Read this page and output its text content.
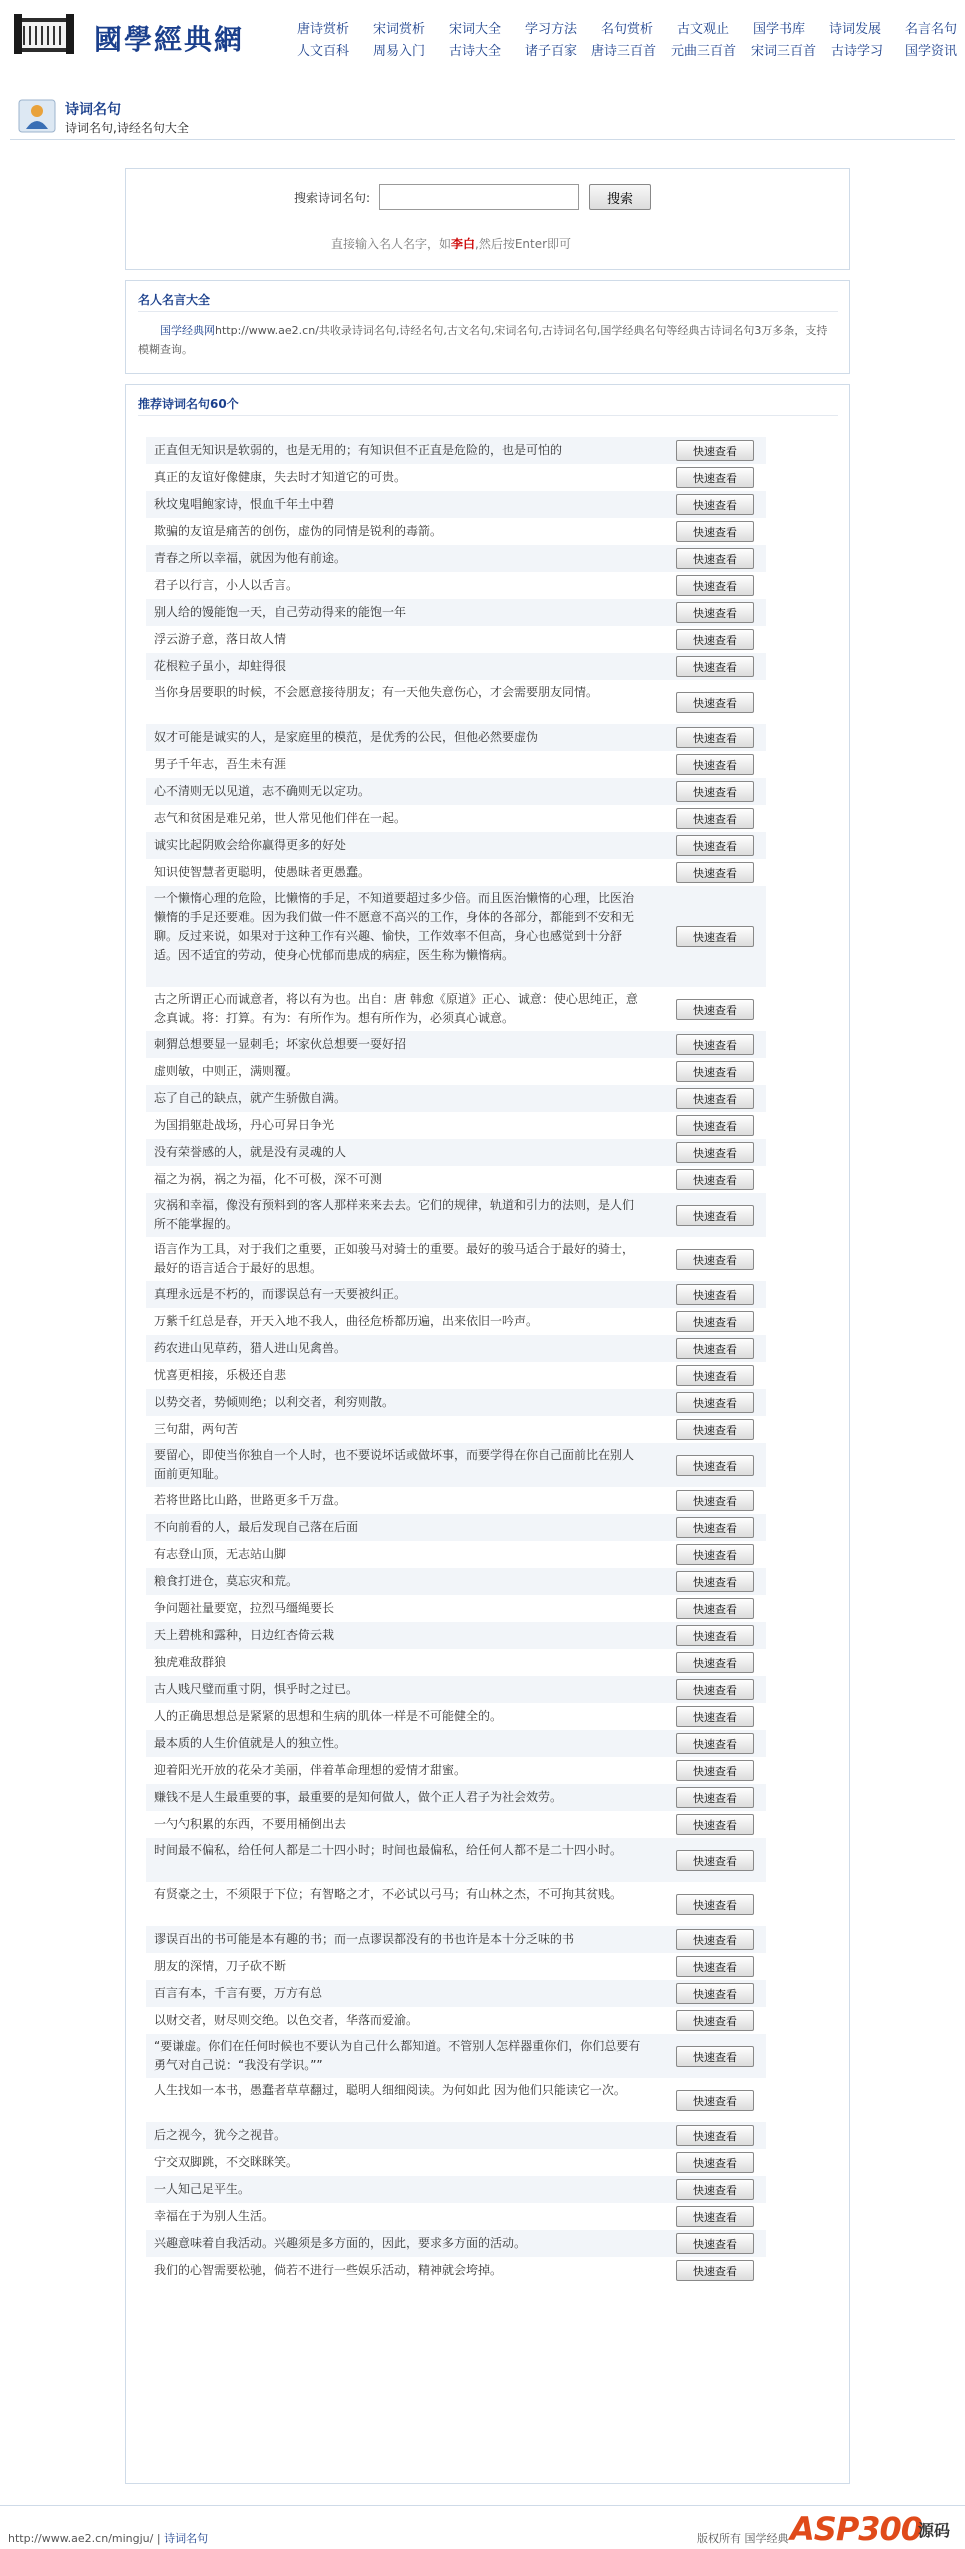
國學經典網	唐诗赏析 宋词赏析 宋词大全 学习方法 名句赏析 古文观止 国学书库 诗词发展 名言名句
人文百科 周易入门 古诗大全 诸子百家 唐诗三百首 元曲三百首 宋词三百首 古诗学习 国学资讯
诗词名句
诗词名句,诗经名句大全
搜索诗词名句:	搜索
直接输入名人名字，如李白,然后按Enter即可
名人名言大全
国学经典网http://www.ae2.cn/共收录诗词名句,诗经名句,古文名句,宋词名句,古诗词名句,国学经典名句等经典古诗词名句3万多条，支持模糊查询。
推荐诗词名句60个
正直但无知识是软弱的，也是无用的；有知识但不正直是危险的，也是可怕的	快速查看
真正的友谊好像健康，失去时才知道它的可贵。	快速查看
秋坟鬼唱鲍家诗，恨血千年土中碧	快速查看
欺骗的友谊是痛苦的创伤，虚伪的同情是锐利的毒箭。	快速查看
青春之所以幸福，就因为他有前途。	快速查看
君子以行言，小人以舌言。	快速查看
别人给的馒能饱一天，自己劳动得来的能饱一年	快速查看
浮云游子意，落日故人情	快速查看
花根粒子虽小，却蛀得很	快速查看
当你身居要职的时候，不会愿意接待朋友；有一天他失意伤心，才会需要朋友同情。
快速查看
奴才可能是诚实的人，是家庭里的模范，是优秀的公民，但他必然要虚伪	快速查看
男子千年志，吾生未有涯	快速查看
心不清则无以见道，志不确则无以定功。	快速查看
志气和贫困是难兄弟，世人常见他们伴在一起。	快速查看
诚实比起阴败会给你赢得更多的好处	快速查看
知识使智慧者更聪明，使愚昧者更愚蠢。	快速查看
一个懒惰心理的危险，比懒惰的手足，不知道要超过多少倍。而且医治懒惰的心理，比医治懒惰的手足还要难。因为我们做一件不愿意不高兴的工作，身体的各部分，都能到不安和无聊。反过来说，如果对于这种工作有兴趣、愉快，工作效率不但高，身心也感觉到十分舒适。因不适宜的劳动，使身心忧郁而患成的病症，医生称为懒惰病。
快速查看
古之所谓正心而诚意者，将以有为也。出自：唐 韩愈《原道》正心、诚意：使心思纯正，意念真诚。将：打算。有为：有所作为。想有所作为，必须真心诚意。
快速查看
刺猬总想要显一显刺毛；坏家伙总想要一耍好招	快速查看
虚则敏，中则正，满则覆。	快速查看
忘了自己的缺点，就产生骄傲自满。	快速查看
为国捐躯赴战场，丹心可昇日争光	快速查看
没有荣誉感的人，就是没有灵魂的人	快速查看
福之为祸，祸之为福，化不可极，深不可测	快速查看
灾祸和幸福，像没有预料到的客人那样来来去去。它们的规律，轨道和引力的法则，是人们所不能掌握的。
快速查看
语言作为工具，对于我们之重要，正如骏马对骑士的重要。最好的骏马适合于最好的骑士，最好的语言适合于最好的思想。
快速查看
真理永远是不朽的，而谬误总有一天要被纠正。	快速查看
万紫千红总是春，开天入地不我人，曲径危桥都历遍，出来依旧一吟声。	快速查看
药农进山见草药，猎人进山见禽兽。	快速查看
忧喜更相接，乐极还自悲	快速查看
以势交者，势倾则绝；以利交者，利穷则散。	快速查看
三句甜，两句苦	快速查看
要留心，即使当你独自一个人时，也不要说坏话或做坏事，而要学得在你自己面前比在别人面前更知耻。
快速查看
若将世路比山路，世路更多千万盘。	快速查看
不向前看的人，最后发现自己落在后面	快速查看
有志登山顶，无志站山脚	快速查看
粮食打进仓，莫忘灾和荒。	快速查看
争问题社量要宽，拉烈马缰绳要长	快速查看
天上碧桃和露种，日边红杏倚云栽	快速查看
独虎难敌群狼	快速查看
古人贱尺璧而重寸阴，惧乎时之过已。	快速查看
人的正确思想总是紧紧的思想和生病的肌体一样是不可能健全的。	快速查看
最本质的人生价值就是人的独立性。	快速查看
迎着阳光开放的花朵才美丽，伴着革命理想的爱情才甜蜜。	快速查看
赚钱不是人生最重要的事，最重要的是知何做人，做个正人君子为社会效劳。	快速查看
一勺勺积累的东西，不要用桶倒出去	快速查看
时间最不偏私，给任何人都是二十四小时；时间也最偏私，给任何人都不是二十四小时。
快速查看
有贤豪之士，不须限于下位；有智略之才，不必试以弓马；有山林之杰，不可拘其贫贱。
快速查看
谬误百出的书可能是本有趣的书；而一点谬误都没有的书也许是本十分乏味的书	快速查看
朋友的深情，刀子砍不断	快速查看
百言有本，千言有要，万方有总	快速查看
以财交者，财尽则交绝。以色交者，华落而爱渝。	快速查看
“要谦虚。你们在任何时候也不要认为自己什么都知道。不管别人怎样器重你们，你们总要有勇气对自己说：“我没有学识。””
快速查看
人生找如一本书，愚蠢者草草翻过，聪明人细细阅读。为何如此 因为他们只能读它一次。
快速查看
后之视今，犹今之视昔。	快速查看
宁交双脚跳，不交眯眯笑。	快速查看
一人知己足平生。	快速查看
幸福在于为别人生活。	快速查看
兴趣意味着自我活动。兴趣须是多方面的，因此，要求多方面的活动。	快速查看
我们的心智需要松驰，倘若不进行一些娱乐活动，精神就会垮掉。	快速查看
http://www.ae2.cn/mingju/ | 诗词名句	版权所有 国学经典 ASP300
源码
